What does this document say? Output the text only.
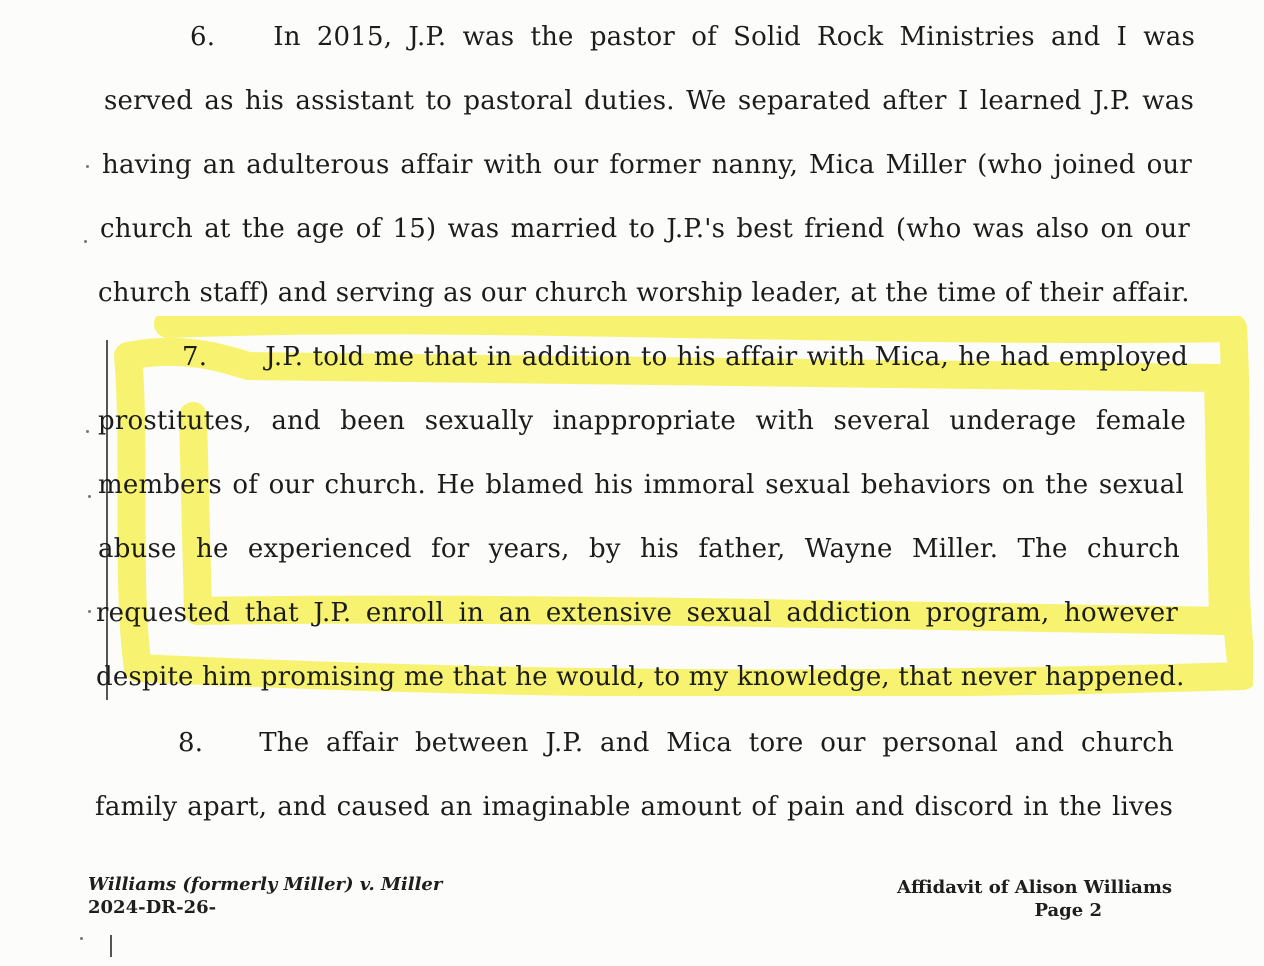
6. In 2015, J.P. was the pastor of Solid Rock Ministries and I was
served as his assistant to pastoral duties. We separated after I learned J.P. was
having an adulterous affair with our former nanny, Mica Miller (who joined our
church at the age of 15) was married to J.P.'s best friend (who was also on our
church staff) and serving as our church worship leader, at the time of their affair.
7. J.P. told me that in addition to his affair with Mica, he had employed
prostitutes, and been sexually inappropriate with several underage female
members of our church. He blamed his immoral sexual behaviors on the sexual
abuse he experienced for years, by his father, Wayne Miller. The church
requested that J.P. enroll in an extensive sexual addiction program, however
despite him promising me that he would, to my knowledge, that never happened.
8. The affair between J.P. and Mica tore our personal and church
family apart, and caused an imaginable amount of pain and discord in the lives
Williams (formerly Miller) v. Miller
2024-DR-26-
Affidavit of Alison Williams
Page 2
